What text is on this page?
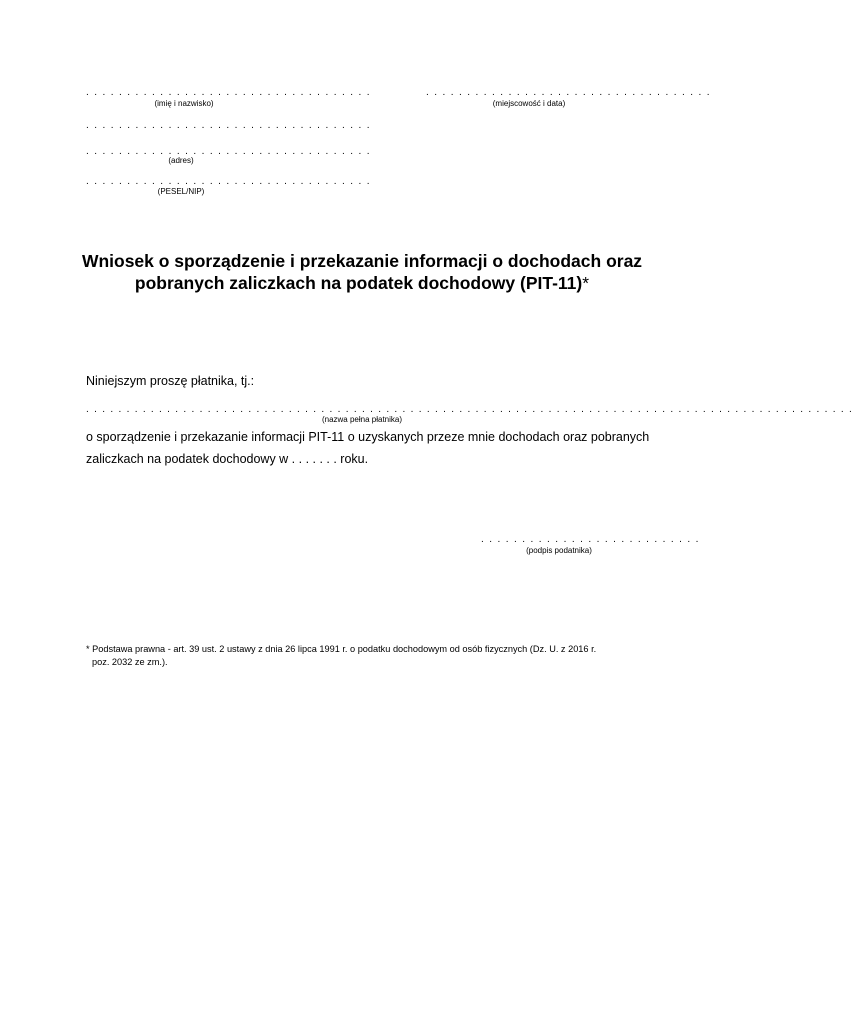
. . . . . . . . . . . . . . . . . . . . . . . . . . . . . . . . . . .
(imię i nazwisko)
. . . . . . . . . . . . . . . . . . . . . . . . . . . . . . . . . . .
(miejscowość i data)
. . . . . . . . . . . . . . . . . . . . . . . . . . . . . . . . . . .
. . . . . . . . . . . . . . . . . . . . . . . . . . . . . . . . . . .
(adres)
. . . . . . . . . . . . . . . . . . . . . . . . . . . . . . . . . . .
(PESEL/NIP)
Wniosek o sporządzenie i przekazanie informacji o dochodach oraz
pobranych zaliczkach na podatek dochodowy (PIT-11)*
Niniejszym proszę płatnika, tj.:
. . . . . . . . . . . . . . . . . . . . . . . . . . . . . . . . . . . . . . . . . . . . . . . . . . . . . . . . . . . . . . . . . . . . . . . . . . . . . . . . . . . . . . . . . . . . . . .
(nazwa pełna płatnika)
o sporządzenie i przekazanie informacji PIT-11 o uzyskanych przeze mnie dochodach oraz pobranych
zaliczkach na podatek dochodowy w . . . . . . . roku.
. . . . . . . . . . . . . . . . . . . . . . . . . . .
(podpis podatnika)
* Podstawa prawna - art. 39 ust. 2 ustawy z dnia 26 lipca 1991 r. o podatku dochodowym od osób fizycznych (Dz. U. z 2016 r.
poz. 2032 ze zm.).
